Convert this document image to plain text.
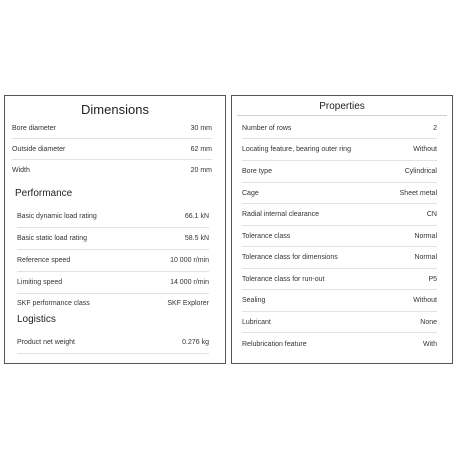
Dimensions
Bore diameter	30 mm
Outside diameter	62 mm
Width	20 mm
Performance
Basic dynamic load rating	66.1 kN
Basic static load rating	58.5 kN
Reference speed	10 000 r/min
Limiting speed	14 000 r/min
SKF performance class	SKF Explorer
Logistics
Product net weight	0.276 kg
Properties
Number of rows	2
Locating feature, bearing outer ring	Without
Bore type	Cylindrical
Cage	Sheet metal
Radial internal clearance	CN
Tolerance class	Normal
Tolerance class for dimensions	Normal
Tolerance class for run-out	P5
Sealing	Without
Lubricant	None
Relubrication feature	With
